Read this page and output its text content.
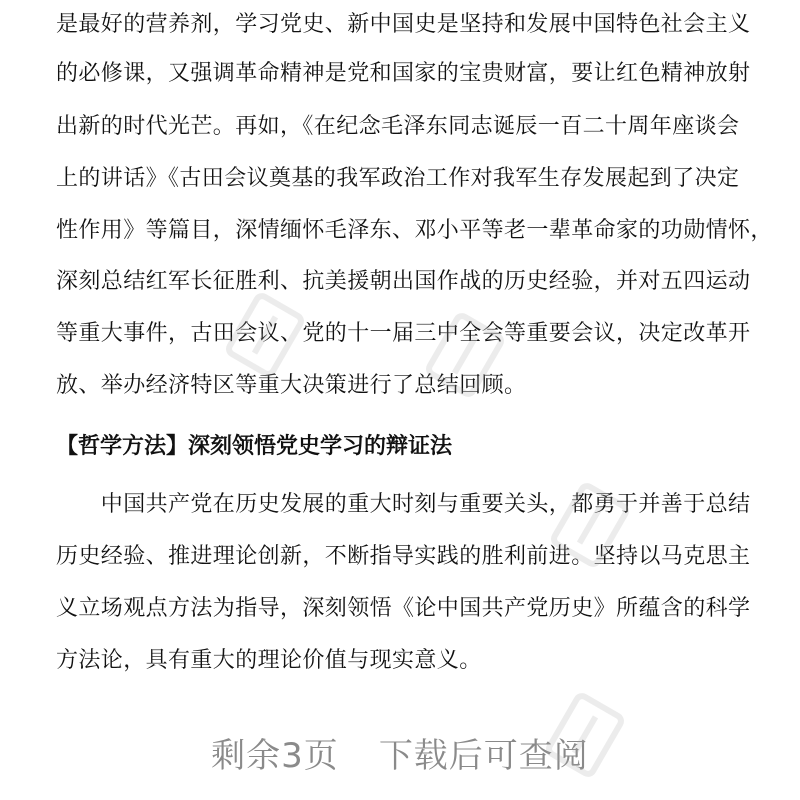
是最好的营养剂，学习党史、新中国史是坚持和发展中国特色社会主义
的必修课，又强调革命精神是党和国家的宝贵财富，要让红色精神放射
出新的时代光芒。再如，《在纪念毛泽东同志诞辰一百二十周年座谈会
上的讲话》《古田会议奠基的我军政治工作对我军生存发展起到了决定
性作用》等篇目，深情缅怀毛泽东、邓小平等老一辈革命家的功勋情怀，
深刻总结红军长征胜利、抗美援朝出国作战的历史经验，并对五四运动
等重大事件，古田会议、党的十一届三中全会等重要会议，决定改革开
放、举办经济特区等重大决策进行了总结回顾。
【哲学方法】深刻领悟党史学习的辩证法
　　中国共产党在历史发展的重大时刻与重要关头，都勇于并善于总结
历史经验、推进理论创新，不断指导实践的胜利前进。坚持以马克思主
义立场观点方法为指导，深刻领悟《论中国共产党历史》所蕴含的科学
方法论，具有重大的理论价值与现实意义。
剩余3页 下载后可查阅
